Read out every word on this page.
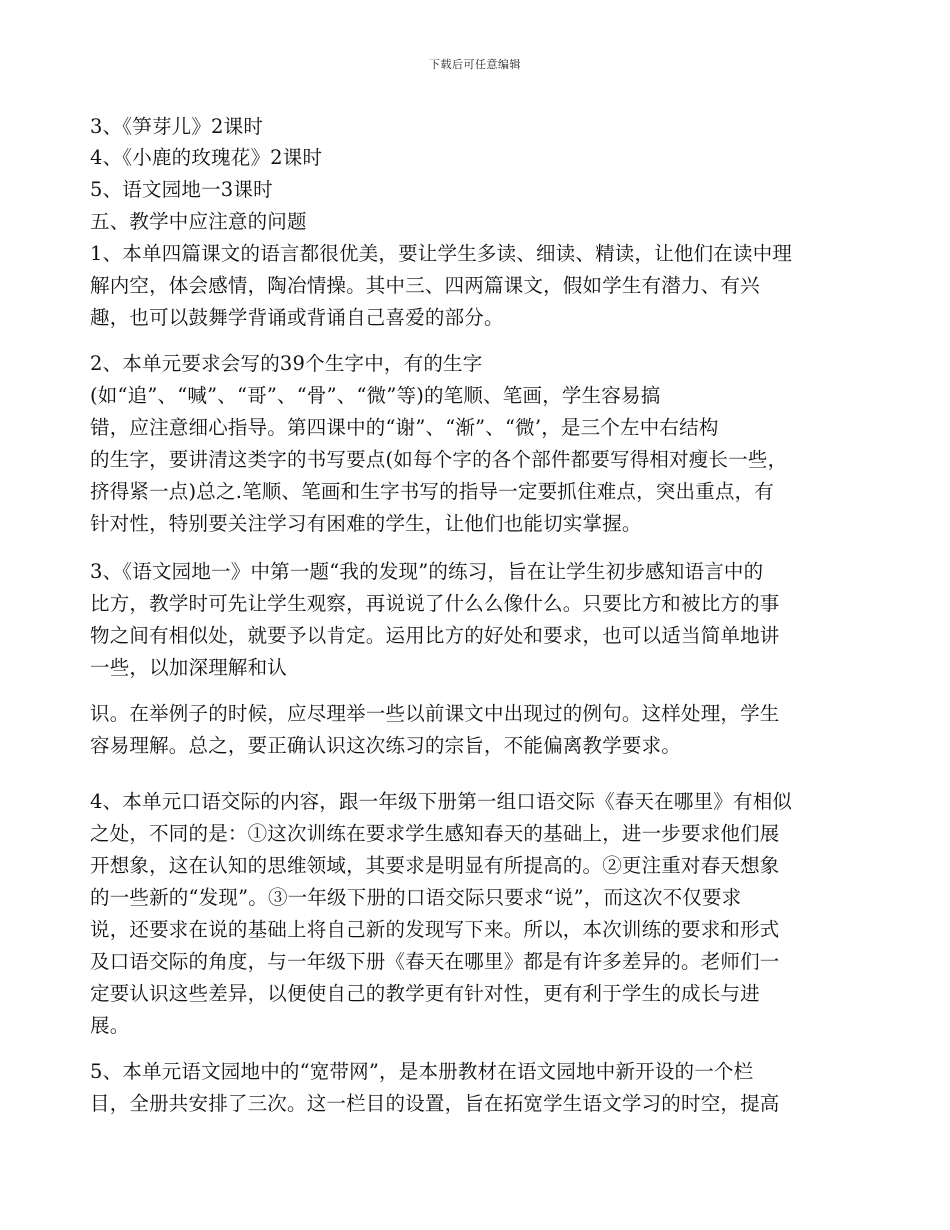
下载后可任意编辑
3、《笋芽儿》2课时
4、《小鹿的玫瑰花》2课时
5、语文园地一3课时
五、教学中应注意的问题
1、本单四篇课文的语言都很优美，要让学生多读、细读、精读，让他们在读中理
解内空，体会感情，陶冶情操。其中三、四两篇课文，假如学生有潜力、有兴
趣，也可以鼓舞学背诵或背诵自己喜爱的部分。
2、本单元要求会写的39个生字中，有的生字
(如“追”、“喊”、“哥”、“骨”、“微”等)的笔顺、笔画，学生容易搞
错，应注意细心指导。第四课中的“谢”、“渐”、“微’，是三个左中右结构
的生字，要讲清这类字的书写要点(如每个字的各个部件都要写得相对瘦长一些，
挤得紧一点)总之.笔顺、笔画和生字书写的指导一定要抓住难点，突出重点，有
针对性，特别要关注学习有困难的学生，让他们也能切实掌握。
3、《语文园地一》中第一题“我的发现”的练习，旨在让学生初步感知语言中的
比方，教学时可先让学生观察，再说说了什么么像什么。只要比方和被比方的事
物之间有相似处，就要予以肯定。运用比方的好处和要求，也可以适当简单地讲
一些，以加深理解和认
识。在举例子的时候，应尽理举一些以前课文中出现过的例句。这样处理，学生
容易理解。总之，要正确认识这次练习的宗旨，不能偏离教学要求。
4、本单元口语交际的内容，跟一年级下册第一组口语交际《春天在哪里》有相似
之处，不同的是：①这次训练在要求学生感知春天的基础上，进一步要求他们展
开想象，这在认知的思维领域，其要求是明显有所提高的。②更注重对春天想象
的一些新的“发现”。③一年级下册的口语交际只要求“说”，而这次不仅要求
说，还要求在说的基础上将自己新的发现写下来。所以，本次训练的要求和形式
及口语交际的角度，与一年级下册《春天在哪里》都是有许多差异的。老师们一
定要认识这些差异，以便使自己的教学更有针对性，更有利于学生的成长与进
展。
5、本单元语文园地中的“宽带网”，是本册教材在语文园地中新开设的一个栏
目，全册共安排了三次。这一栏目的设置，旨在拓宽学生语文学习的时空，提高
